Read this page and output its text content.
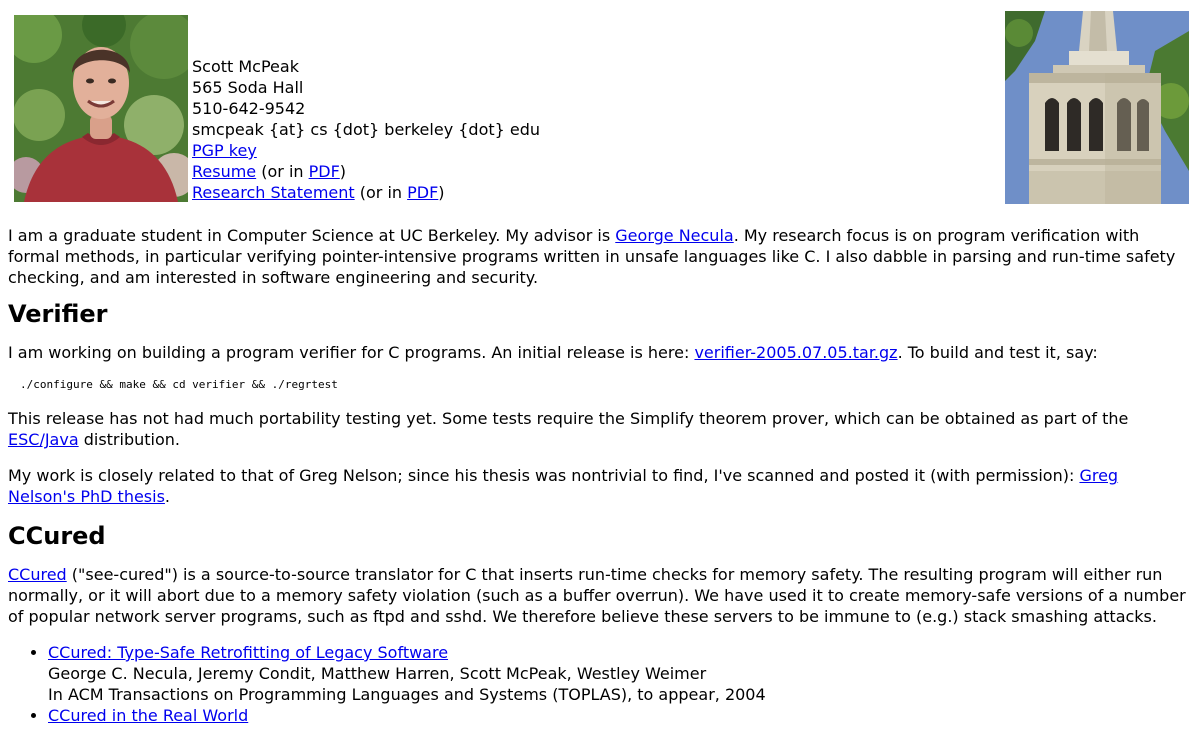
Scott McPeak
565 Soda Hall
510-642-9542
smcpeak {at} cs {dot} berkeley {dot} edu
PGP key
Resume (or in PDF)
Research Statement (or in PDF)

I am a graduate student in Computer Science at UC Berkeley. My advisor is George Necula. My research focus is on program verification with formal methods, in particular verifying pointer-intensive programs written in unsafe languages like C. I also dabble in parsing and run-time safety checking, and am interested in software engineering and security.

Verifier

I am working on building a program verifier for C programs. An initial release is here: verifier-2005.07.05.tar.gz. To build and test it, say:

./configure && make && cd verifier && ./regrtest

This release has not had much portability testing yet. Some tests require the Simplify theorem prover, which can be obtained as part of the ESC/Java distribution.

My work is closely related to that of Greg Nelson; since his thesis was nontrivial to find, I've scanned and posted it (with permission): Greg Nelson's PhD thesis.

CCured

CCured ("see-cured") is a source-to-source translator for C that inserts run-time checks for memory safety. The resulting program will either run normally, or it will abort due to a memory safety violation (such as a buffer overrun). We have used it to create memory-safe versions of a number of popular network server programs, such as ftpd and sshd. We therefore believe these servers to be immune to (e.g.) stack smashing attacks.

• CCured: Type-Safe Retrofitting of Legacy Software
George C. Necula, Jeremy Condit, Matthew Harren, Scott McPeak, Westley Weimer
In ACM Transactions on Programming Languages and Systems (TOPLAS), to appear, 2004
• CCured in the Real World
